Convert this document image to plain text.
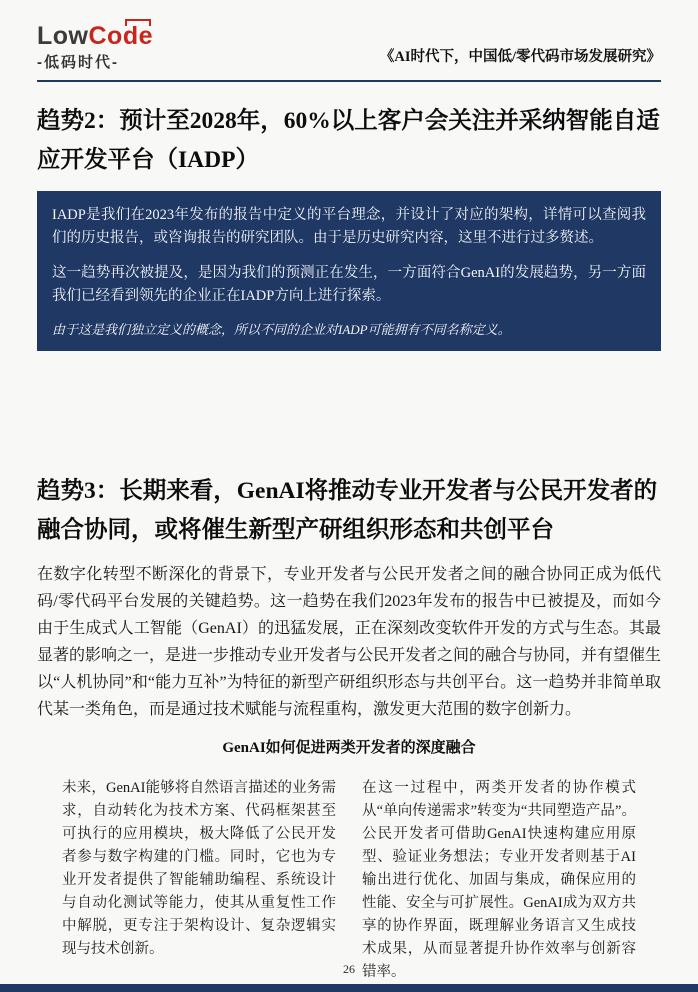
LowCode
-低码时代-	《AI时代下，中国低/零代码市场发展研究》
趋势2：预计至2028年，60%以上客户会关注并采纳智能自适应开发平台（IADP）

IADP是我们在2023年发布的报告中定义的平台理念，并设计了对应的架构，详情可以查阅我们的历史报告，或咨询报告的研究团队。由于是历史研究内容，这里不进行过多赘述。

这一趋势再次被提及，是因为我们的预测正在发生，一方面符合GenAI的发展趋势，另一方面我们已经看到领先的企业正在IADP方向上进行探索。

由于这是我们独立定义的概念，所以不同的企业对IADP可能拥有不同名称定义。

趋势3：长期来看，GenAI将推动专业开发者与公民开发者的融合协同，或将催生新型产研组织形态和共创平台
在数字化转型不断深化的背景下，专业开发者与公民开发者之间的融合协同正成为低代码/零代码平台发展的关键趋势。这一趋势在我们2023年发布的报告中已被提及，而如今由于生成式人工智能（GenAI）的迅猛发展，正在深刻改变软件开发的方式与生态。其最显著的影响之一，是进一步推动专业开发者与公民开发者之间的融合与协同，并有望催生以“人机协同”和“能力互补”为特征的新型产研组织形态与共创平台。这一趋势并非简单取代某一类角色，而是通过技术赋能与流程重构，激发更大范围的数字创新力。
GenAI如何促进两类开发者的深度融合
未来，GenAI能够将自然语言描述的业务需求，自动转化为技术方案、代码框架甚至可执行的应用模块，极大降低了公民开发者参与数字构建的门槛。同时，它也为专业开发者提供了智能辅助编程、系统设计与自动化测试等能力，使其从重复性工作中解脱，更专注于架构设计、复杂逻辑实现与技术创新。
在这一过程中，两类开发者的协作模式从“单向传递需求”转变为“共同塑造产品”。公民开发者可借助GenAI快速构建应用原型、验证业务想法；专业开发者则基于AI输出进行优化、加固与集成，确保应用的性能、安全与可扩展性。GenAI成为双方共享的协作界面，既理解业务语言又生成技术成果，从而显著提升协作效率与创新容错率。
26
